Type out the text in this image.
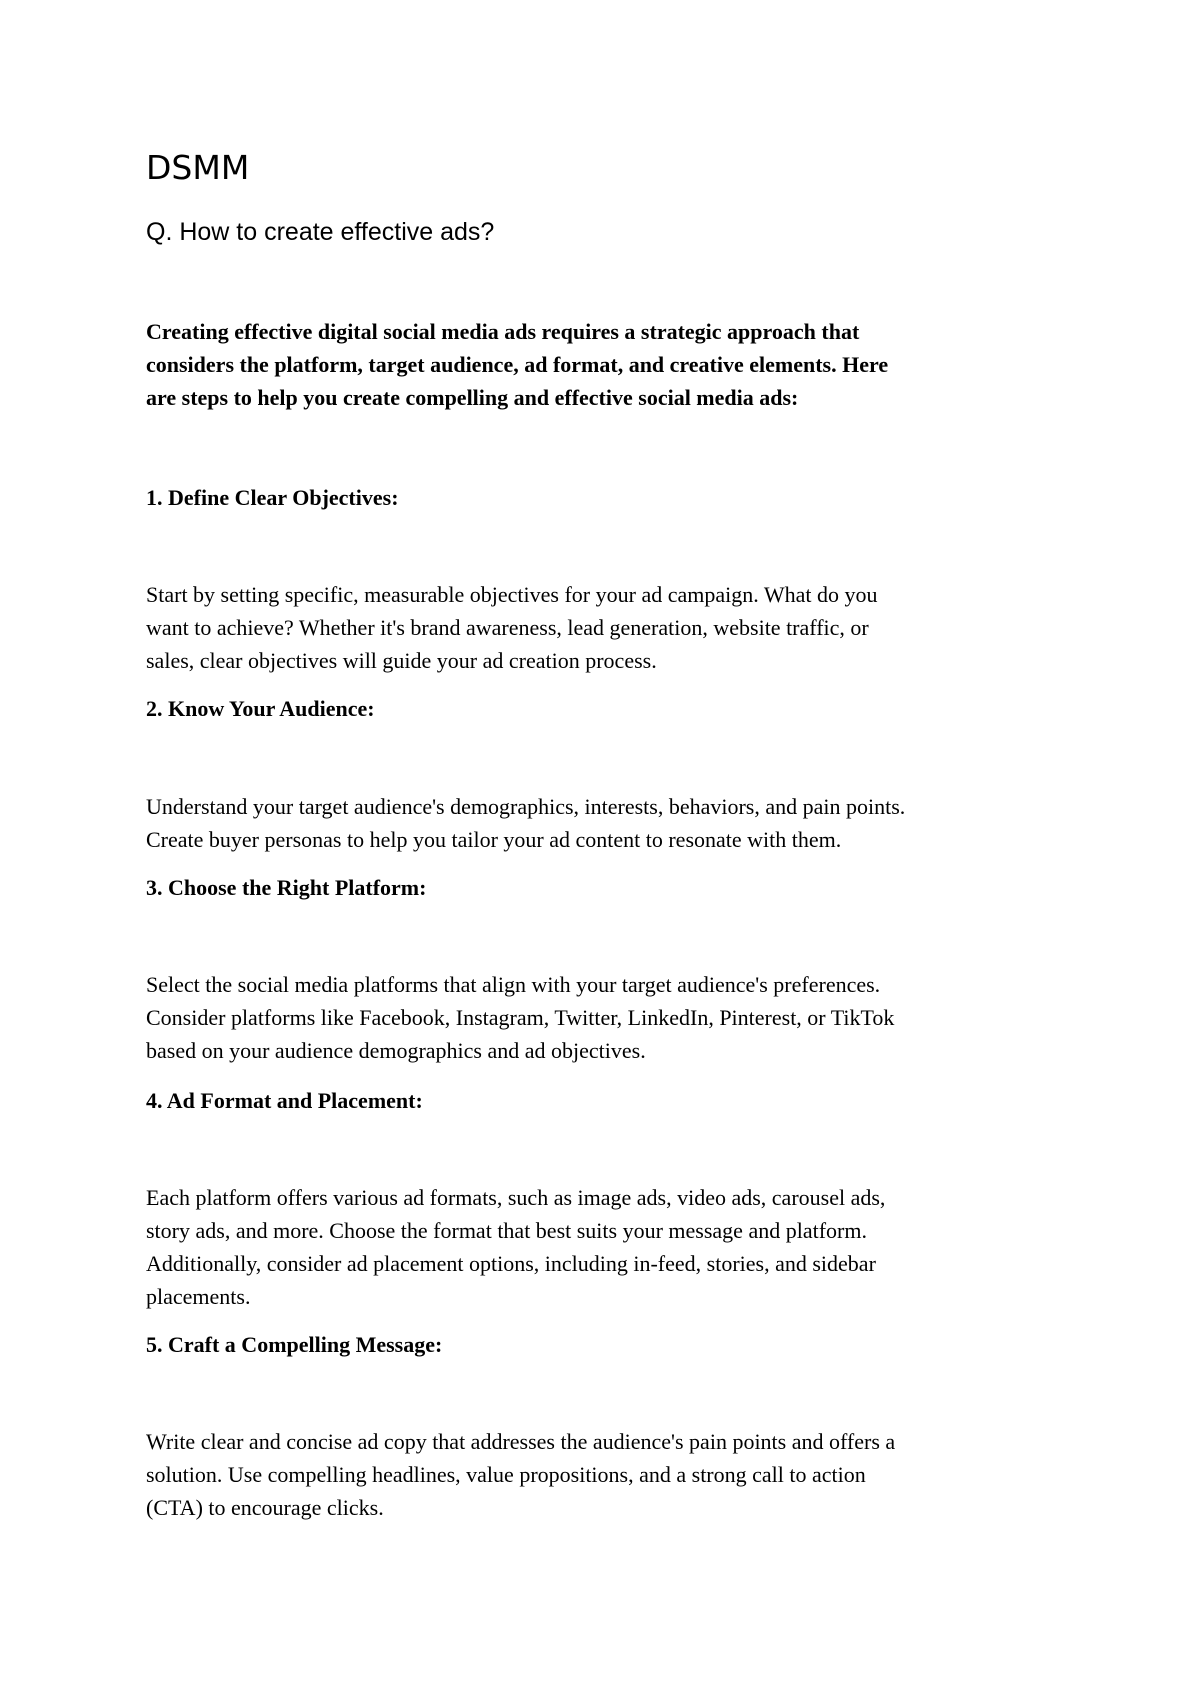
DSMM
Q. How to create effective ads?

Creating effective digital social media ads requires a strategic approach that
considers the platform, target audience, ad format, and creative elements. Here
are steps to help you create compelling and effective social media ads:

1. Define Clear Objectives:

Start by setting specific, measurable objectives for your ad campaign. What do you
want to achieve? Whether it's brand awareness, lead generation, website traffic, or
sales, clear objectives will guide your ad creation process.

2. Know Your Audience:

Understand your target audience's demographics, interests, behaviors, and pain points.
Create buyer personas to help you tailor your ad content to resonate with them.

3. Choose the Right Platform:

Select the social media platforms that align with your target audience's preferences.
Consider platforms like Facebook, Instagram, Twitter, LinkedIn, Pinterest, or TikTok
based on your audience demographics and ad objectives.

4. Ad Format and Placement:

Each platform offers various ad formats, such as image ads, video ads, carousel ads,
story ads, and more. Choose the format that best suits your message and platform.
Additionally, consider ad placement options, including in-feed, stories, and sidebar
placements.

5. Craft a Compelling Message:

Write clear and concise ad copy that addresses the audience's pain points and offers a
solution. Use compelling headlines, value propositions, and a strong call to action
(CTA) to encourage clicks.
